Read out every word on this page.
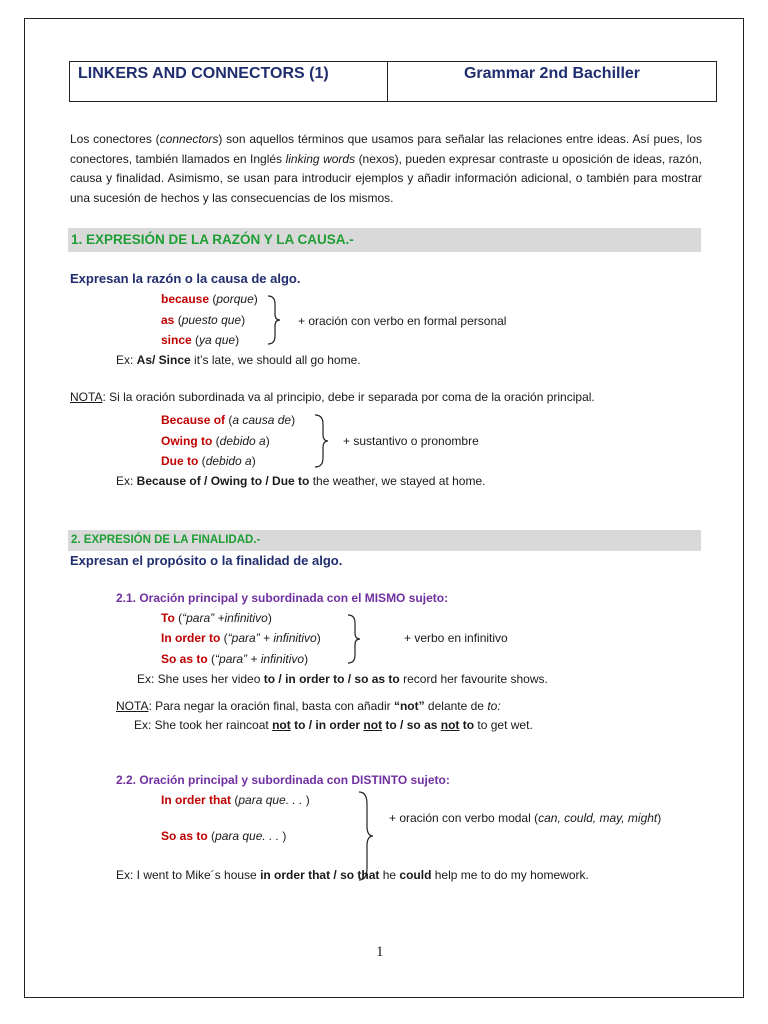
LINKERS AND CONNECTORS (1)	Grammar 2nd Bachiller
Los conectores (connectors) son aquellos términos que usamos para señalar las relaciones entre ideas. Así pues, los conectores, también llamados en Inglés linking words (nexos), pueden expresar contraste u oposición de ideas, razón, causa y finalidad. Asimismo, se usan para introducir ejemplos y añadir información adicional, o también para mostrar una sucesión de hechos y las consecuencias de los mismos.
1. EXPRESIÓN DE LA RAZÓN Y LA CAUSA.-
Expresan la razón o la causa de algo.
because (porque)
as (puesto que)
since (ya que)
+ oración con verbo en formal personal
Ex: As/ Since it’s late, we should all go home.
NOTA: Si la oración subordinada va al principio, debe ir separada por coma de la oración principal.
Because of (a causa de)
Owing to (debido a)
Due to (debido a)
+ sustantivo o pronombre
Ex: Because of / Owing to / Due to the weather, we stayed at home.
2. EXPRESIÓN DE LA FINALIDAD.-
Expresan el propósito o la finalidad de algo.
2.1. Oración principal y subordinada con el MISMO sujeto:
To (“para” +infinitivo)
In order to (“para” + infinitivo)
So as to (“para” + infinitivo)
+ verbo en infinitivo
Ex: She uses her video to / in order to / so as to record her favourite shows.
NOTA: Para negar la oración final, basta con añadir “not” delante de to:
Ex: She took her raincoat not to / in order not to / so as not to to get wet.
2.2. Oración principal y subordinada con DISTINTO sujeto:
In order that (para que. . . )
So as to (para que. . . )
+ oración con verbo modal (can, could, may, might)
Ex: I went to Mike´s house in order that / so that he could help me to do my homework.
1
